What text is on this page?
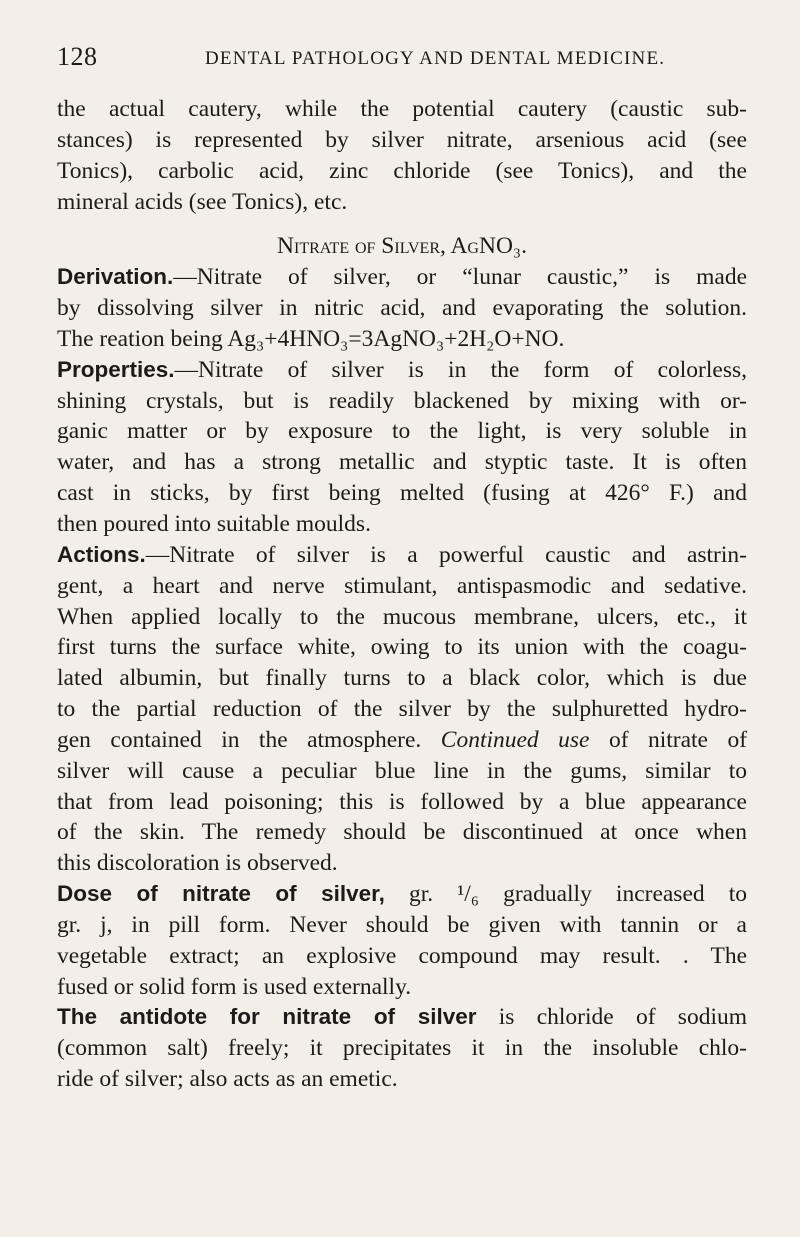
128	DENTAL PATHOLOGY AND DENTAL MEDICINE.
the actual cautery, while the potential cautery (caustic sub-
stances) is represented by silver nitrate, arsenious acid (see
Tonics), carbolic acid, zinc chloride (see Tonics), and the
mineral acids (see Tonics), etc.
Nitrate of Silver, AgNO₃.
Derivation.—Nitrate of silver, or “lunar caustic,” is made
by dissolving silver in nitric acid, and evaporating the solution.
The reation being Ag₃+4HNO₃=3AgNO₃+2H₂O+NO.
Properties.—Nitrate of silver is in the form of colorless,
shining crystals, but is readily blackened by mixing with or-
ganic matter or by exposure to the light, is very soluble in
water, and has a strong metallic and styptic taste. It is often
cast in sticks, by first being melted (fusing at 426° F.) and
then poured into suitable moulds.
Actions.—Nitrate of silver is a powerful caustic and astrin-
gent, a heart and nerve stimulant, antispasmodic and sedative.
When applied locally to the mucous membrane, ulcers, etc., it
first turns the surface white, owing to its union with the coagu-
lated albumin, but finally turns to a black color, which is due
to the partial reduction of the silver by the sulphuretted hydro-
gen contained in the atmosphere. Continued use of nitrate of
silver will cause a peculiar blue line in the gums, similar to
that from lead poisoning; this is followed by a blue appearance
of the skin. The remedy should be discontinued at once when
this discoloration is observed.
Dose of nitrate of silver, gr. ¹/₆ gradually increased to
gr. j, in pill form. Never should be given with tannin or a
vegetable extract; an explosive compound may result. . The
fused or solid form is used externally.
The antidote for nitrate of silver is chloride of sodium
(common salt) freely; it precipitates it in the insoluble chlo-
ride of silver; also acts as an emetic.
